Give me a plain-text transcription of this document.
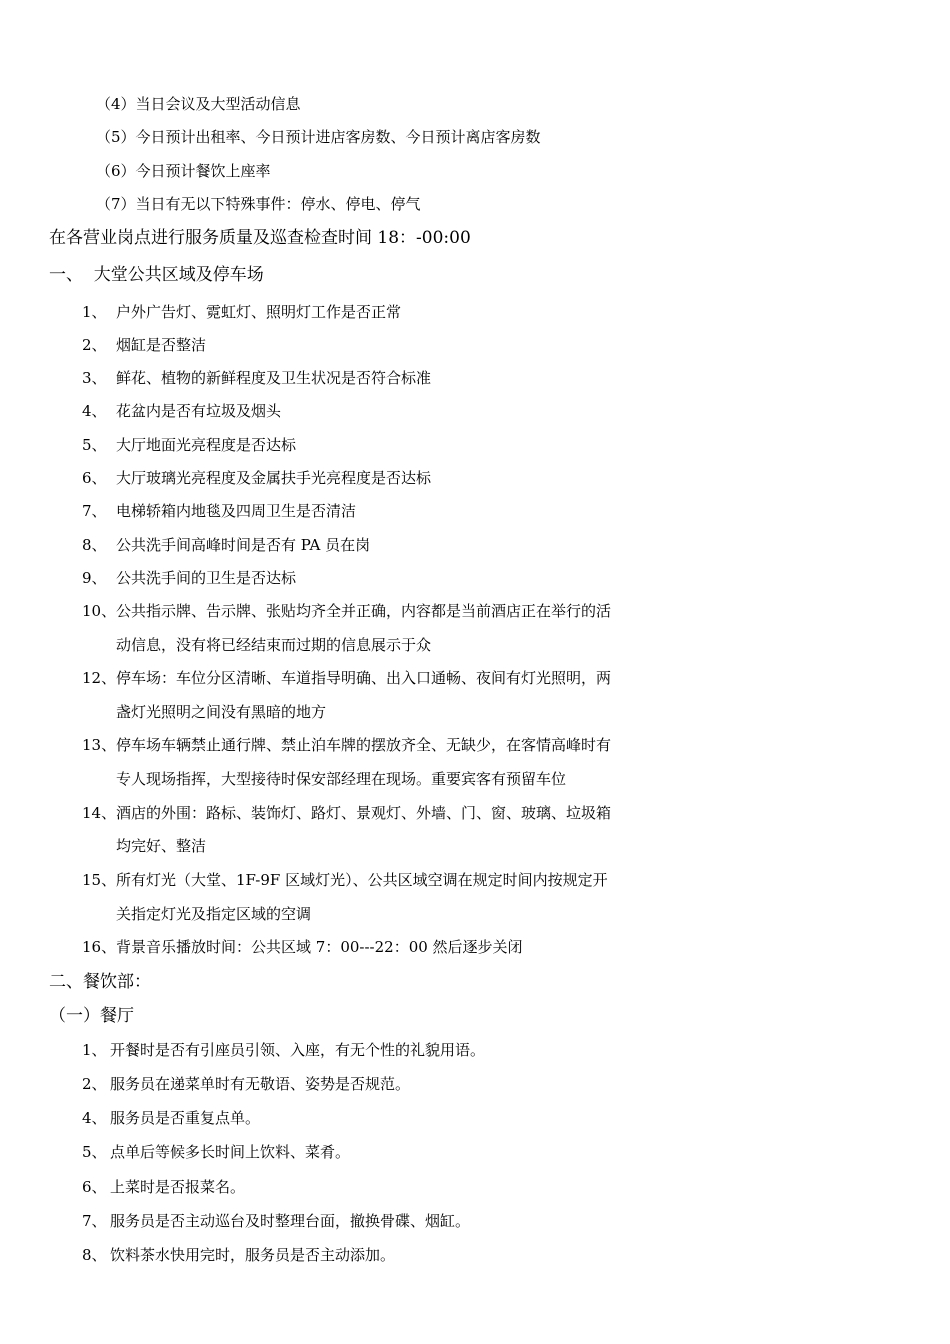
（4）当日会议及大型活动信息
（5）今日预计出租率、今日预计进店客房数、今日预计离店客房数
（6）今日预计餐饮上座率
（7）当日有无以下特殊事件：停水、停电、停气
在各营业岗点进行服务质量及巡查检查时间 18：-00:00
一、  大堂公共区域及停车场
1、 户外广告灯、霓虹灯、照明灯工作是否正常
2、 烟缸是否整洁
3、 鲜花、植物的新鲜程度及卫生状况是否符合标准
4、 花盆内是否有垃圾及烟头
5、 大厅地面光亮程度是否达标
6、 大厅玻璃光亮程度及金属扶手光亮程度是否达标
7、 电梯轿箱内地毯及四周卫生是否清洁
8、 公共洗手间高峰时间是否有 PA 员在岗
9、 公共洗手间的卫生是否达标
10、公共指示牌、告示牌、张贴均齐全并正确，内容都是当前酒店正在举行的活
动信息，没有将已经结束而过期的信息展示于众
12、停车场：车位分区清晰、车道指导明确、出入口通畅、夜间有灯光照明，两
盏灯光照明之间没有黑暗的地方
13、停车场车辆禁止通行牌、禁止泊车牌的摆放齐全、无缺少，在客情高峰时有
专人现场指挥，大型接待时保安部经理在现场。重要宾客有预留车位
14、酒店的外围：路标、装饰灯、路灯、景观灯、外墙、门、窗、玻璃、垃圾箱
均完好、整洁
15、所有灯光（大堂、1F-9F 区域灯光）、公共区域空调在规定时间内按规定开
关指定灯光及指定区域的空调
16、背景音乐播放时间：公共区域 7：00---22：00 然后逐步关闭
二、餐饮部：
（一）餐厅
1、 开餐时是否有引座员引领、入座，有无个性的礼貌用语。
2、 服务员在递菜单时有无敬语、姿势是否规范。
4、 服务员是否重复点单。
5、 点单后等候多长时间上饮料、菜肴。
6、 上菜时是否报菜名。
7、 服务员是否主动巡台及时整理台面，撤换骨碟、烟缸。
8、 饮料茶水快用完时，服务员是否主动添加。
